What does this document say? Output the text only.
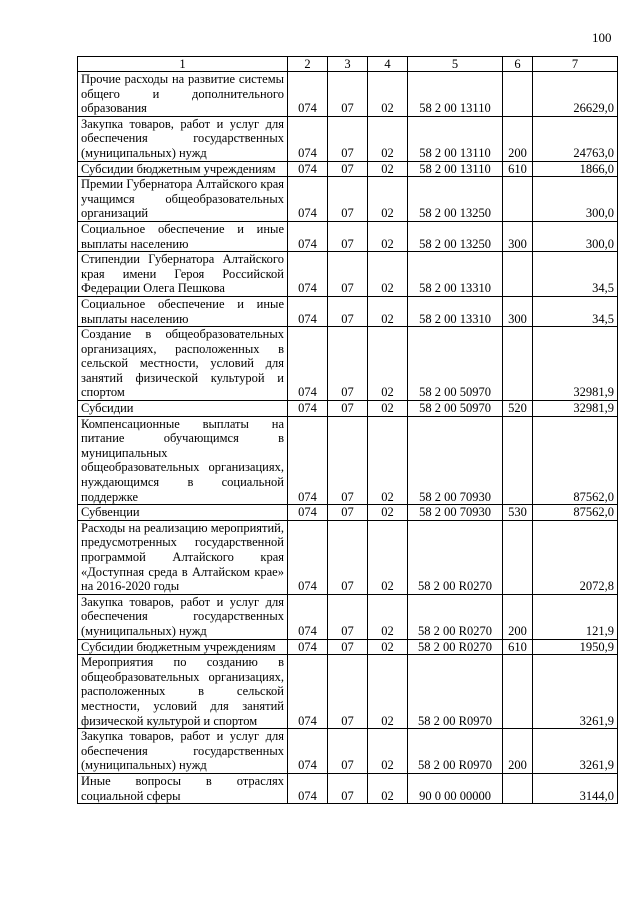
100
1	2	3	4	5	6	7
Прочие расходы на развитие системы общего и дополнительного образования	074	07	02	58 2 00 13110		26629,0
Закупка товаров, работ и услуг для обеспечения государственных (муниципальных) нужд	074	07	02	58 2 00 13110	200	24763,0
Субсидии бюджетным учреждениям	074	07	02	58 2 00 13110	610	1866,0
Премии Губернатора Алтайского края учащимся общеобразовательных организаций	074	07	02	58 2 00 13250		300,0
Социальное обеспечение и иные выплаты населению	074	07	02	58 2 00 13250	300	300,0
Стипендии Губернатора Алтайского края имени Героя Российской Федерации Олега Пешкова	074	07	02	58 2 00 13310		34,5
Социальное обеспечение и иные выплаты населению	074	07	02	58 2 00 13310	300	34,5
Создание в общеобразовательных организациях, расположенных в сельской местности, условий для занятий физической культурой и спортом	074	07	02	58 2 00 50970		32981,9
Субсидии	074	07	02	58 2 00 50970	520	32981,9
Компенсационные выплаты на питание обучающимся в муниципальных общеобразовательных организациях, нуждающимся в социальной поддержке	074	07	02	58 2 00 70930		87562,0
Субвенции	074	07	02	58 2 00 70930	530	87562,0
Расходы на реализацию мероприятий, предусмотренных государственной программой Алтайского края «Доступная среда в Алтайском крае» на 2016-2020 годы	074	07	02	58 2 00 R0270		2072,8
Закупка товаров, работ и услуг для обеспечения государственных (муниципальных) нужд	074	07	02	58 2 00 R0270	200	121,9
Субсидии бюджетным учреждениям	074	07	02	58 2 00 R0270	610	1950,9
Мероприятия по созданию в общеобразовательных организациях, расположенных в сельской местности, условий для занятий физической культурой и спортом	074	07	02	58 2 00 R0970		3261,9
Закупка товаров, работ и услуг для обеспечения государственных (муниципальных) нужд	074	07	02	58 2 00 R0970	200	3261,9
Иные вопросы в отраслях социальной сферы	074	07	02	90 0 00 00000		3144,0
